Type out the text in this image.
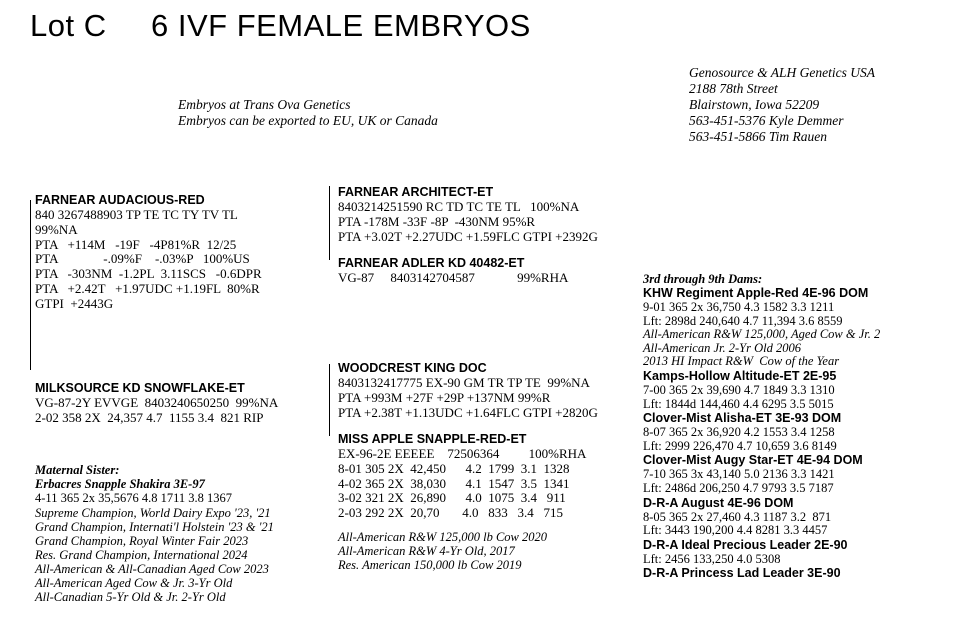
Lot C 6 IVF FEMALE EMBRYOS
Embryos at Trans Ova Genetics
Embryos can be exported to EU, UK or Canada
Genosource & ALH Genetics USA
2188 78th Street
Blairstown, Iowa 52209
563-451-5376 Kyle Demmer
563-451-5866 Tim Rauen
FARNEAR AUDACIOUS-RED
840 3267488903 TP TE TC TY TV TL
99%NA
PTA   +114M   -19F   -4P81%R  12/25
PTA              -.09%F    -.03%P   100%US
PTA   -303NM  -1.2PL  3.11SCS   -0.6DPR
PTA   +2.42T   +1.97UDC +1.19FL  80%R
GTPI  +2443G
MILKSOURCE KD SNOWFLAKE-ET
VG-87-2Y EVVGE  8403240650250  99%NA
2-02 358 2X  24,357 4.7  1155 3.4  821 RIP
Maternal Sister:
Erbacres Snapple Shakira 3E-97
4-11 365 2x 35,5676 4.8 1711 3.8 1367
Supreme Champion, World Dairy Expo '23, '21
Grand Champion, Internati'l Holstein '23 & '21
Grand Champion, Royal Winter Fair 2023
Res. Grand Champion, International 2024
All-American & All-Canadian Aged Cow 2023
All-American Aged Cow & Jr. 3-Yr Old
All-Canadian 5-Yr Old & Jr. 2-Yr Old
FARNEAR ARCHITECT-ET
8403214251590 RC TD TC TE TL   100%NA
PTA -178M -33F -8P  -430NM 95%R
PTA +3.02T +2.27UDC +1.59FLC GTPI +2392G
FARNEAR ADLER KD 40482-ET
VG-87     8403142704587             99%RHA
WOODCREST KING DOC
8403132417775 EX-90 GM TR TP TE  99%NA
PTA +993M +27F +29P +137NM 99%R
PTA +2.38T +1.13UDC +1.64FLC GTPI +2820G
MISS APPLE SNAPPLE-RED-ET
EX-96-2E EEEEE    72506364         100%RHA
8-01 305 2X  42,450      4.2  1799  3.1  1328
4-02 365 2X  38,030      4.1  1547  3.5  1341
3-02 321 2X  26,890      4.0  1075  3.4   911
2-03 292 2X  20,70       4.0   833   3.4   715
All-American R&W 125,000 lb Cow 2020
All-American R&W 4-Yr Old, 2017
Res. American 150,000 lb Cow 2019
3rd through 9th Dams:
KHW Regiment Apple-Red 4E-96 DOM
9-01 365 2x 36,750 4.3 1582 3.3 1211
Lft: 2898d 240,640 4.7 11,394 3.6 8559
All-American R&W 125,000, Aged Cow & Jr. 2
All-American Jr. 2-Yr Old 2006
2013 HI Impact R&W  Cow of the Year
Kamps-Hollow Altitude-ET 2E-95
7-00 365 2x 39,690 4.7 1849 3.3 1310
Lft: 1844d 144,460 4.4 6295 3.5 5015
Clover-Mist Alisha-ET 3E-93 DOM
8-07 365 2x 36,920 4.2 1553 3.4 1258
Lft: 2999 226,470 4.7 10,659 3.6 8149
Clover-Mist Augy Star-ET 4E-94 DOM
7-10 365 3x 43,140 5.0 2136 3.3 1421
Lft: 2486d 206,250 4.7 9793 3.5 7187
D-R-A August 4E-96 DOM
8-05 365 2x 27,460 4.3 1187 3.2  871
Lft: 3443 190,200 4.4 8281 3.3 4457
D-R-A Ideal Precious Leader 2E-90
Lft: 2456 133,250 4.0 5308
D-R-A Princess Lad Leader 3E-90
